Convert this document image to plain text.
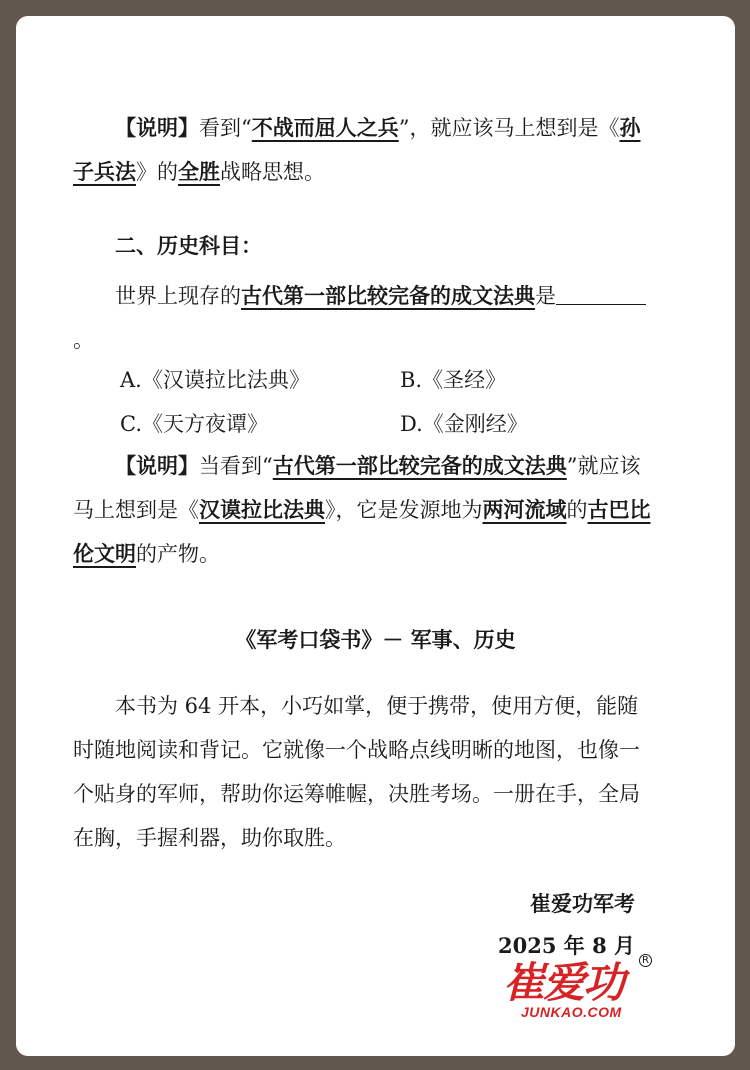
【说明】看到“不战而屈人之兵”，就应该马上想到是《孙子兵法》的全胜战略思想。
二、历史科目：
世界上现存的古代第一部比较完备的成文法典是。
A.《汉谟拉比法典》	B.《圣经》
C.《天方夜谭》	D.《金刚经》
【说明】当看到“古代第一部比较完备的成文法典”就应该马上想到是《汉谟拉比法典》，它是发源地为两河流域的古巴比伦文明的产物。
《军考口袋书》－ 军事、历史
本书为 64 开本，小巧如掌，便于携带，使用方便，能随时随地阅读和背记。它就像一个战略点线明晰的地图，也像一个贴身的军师，帮助你运筹帷幄，决胜考场。一册在手，全局在胸，手握利器，助你取胜。
崔爱功军考
2025 年 8 月
崔爱功
JUNKAO.COM
R
